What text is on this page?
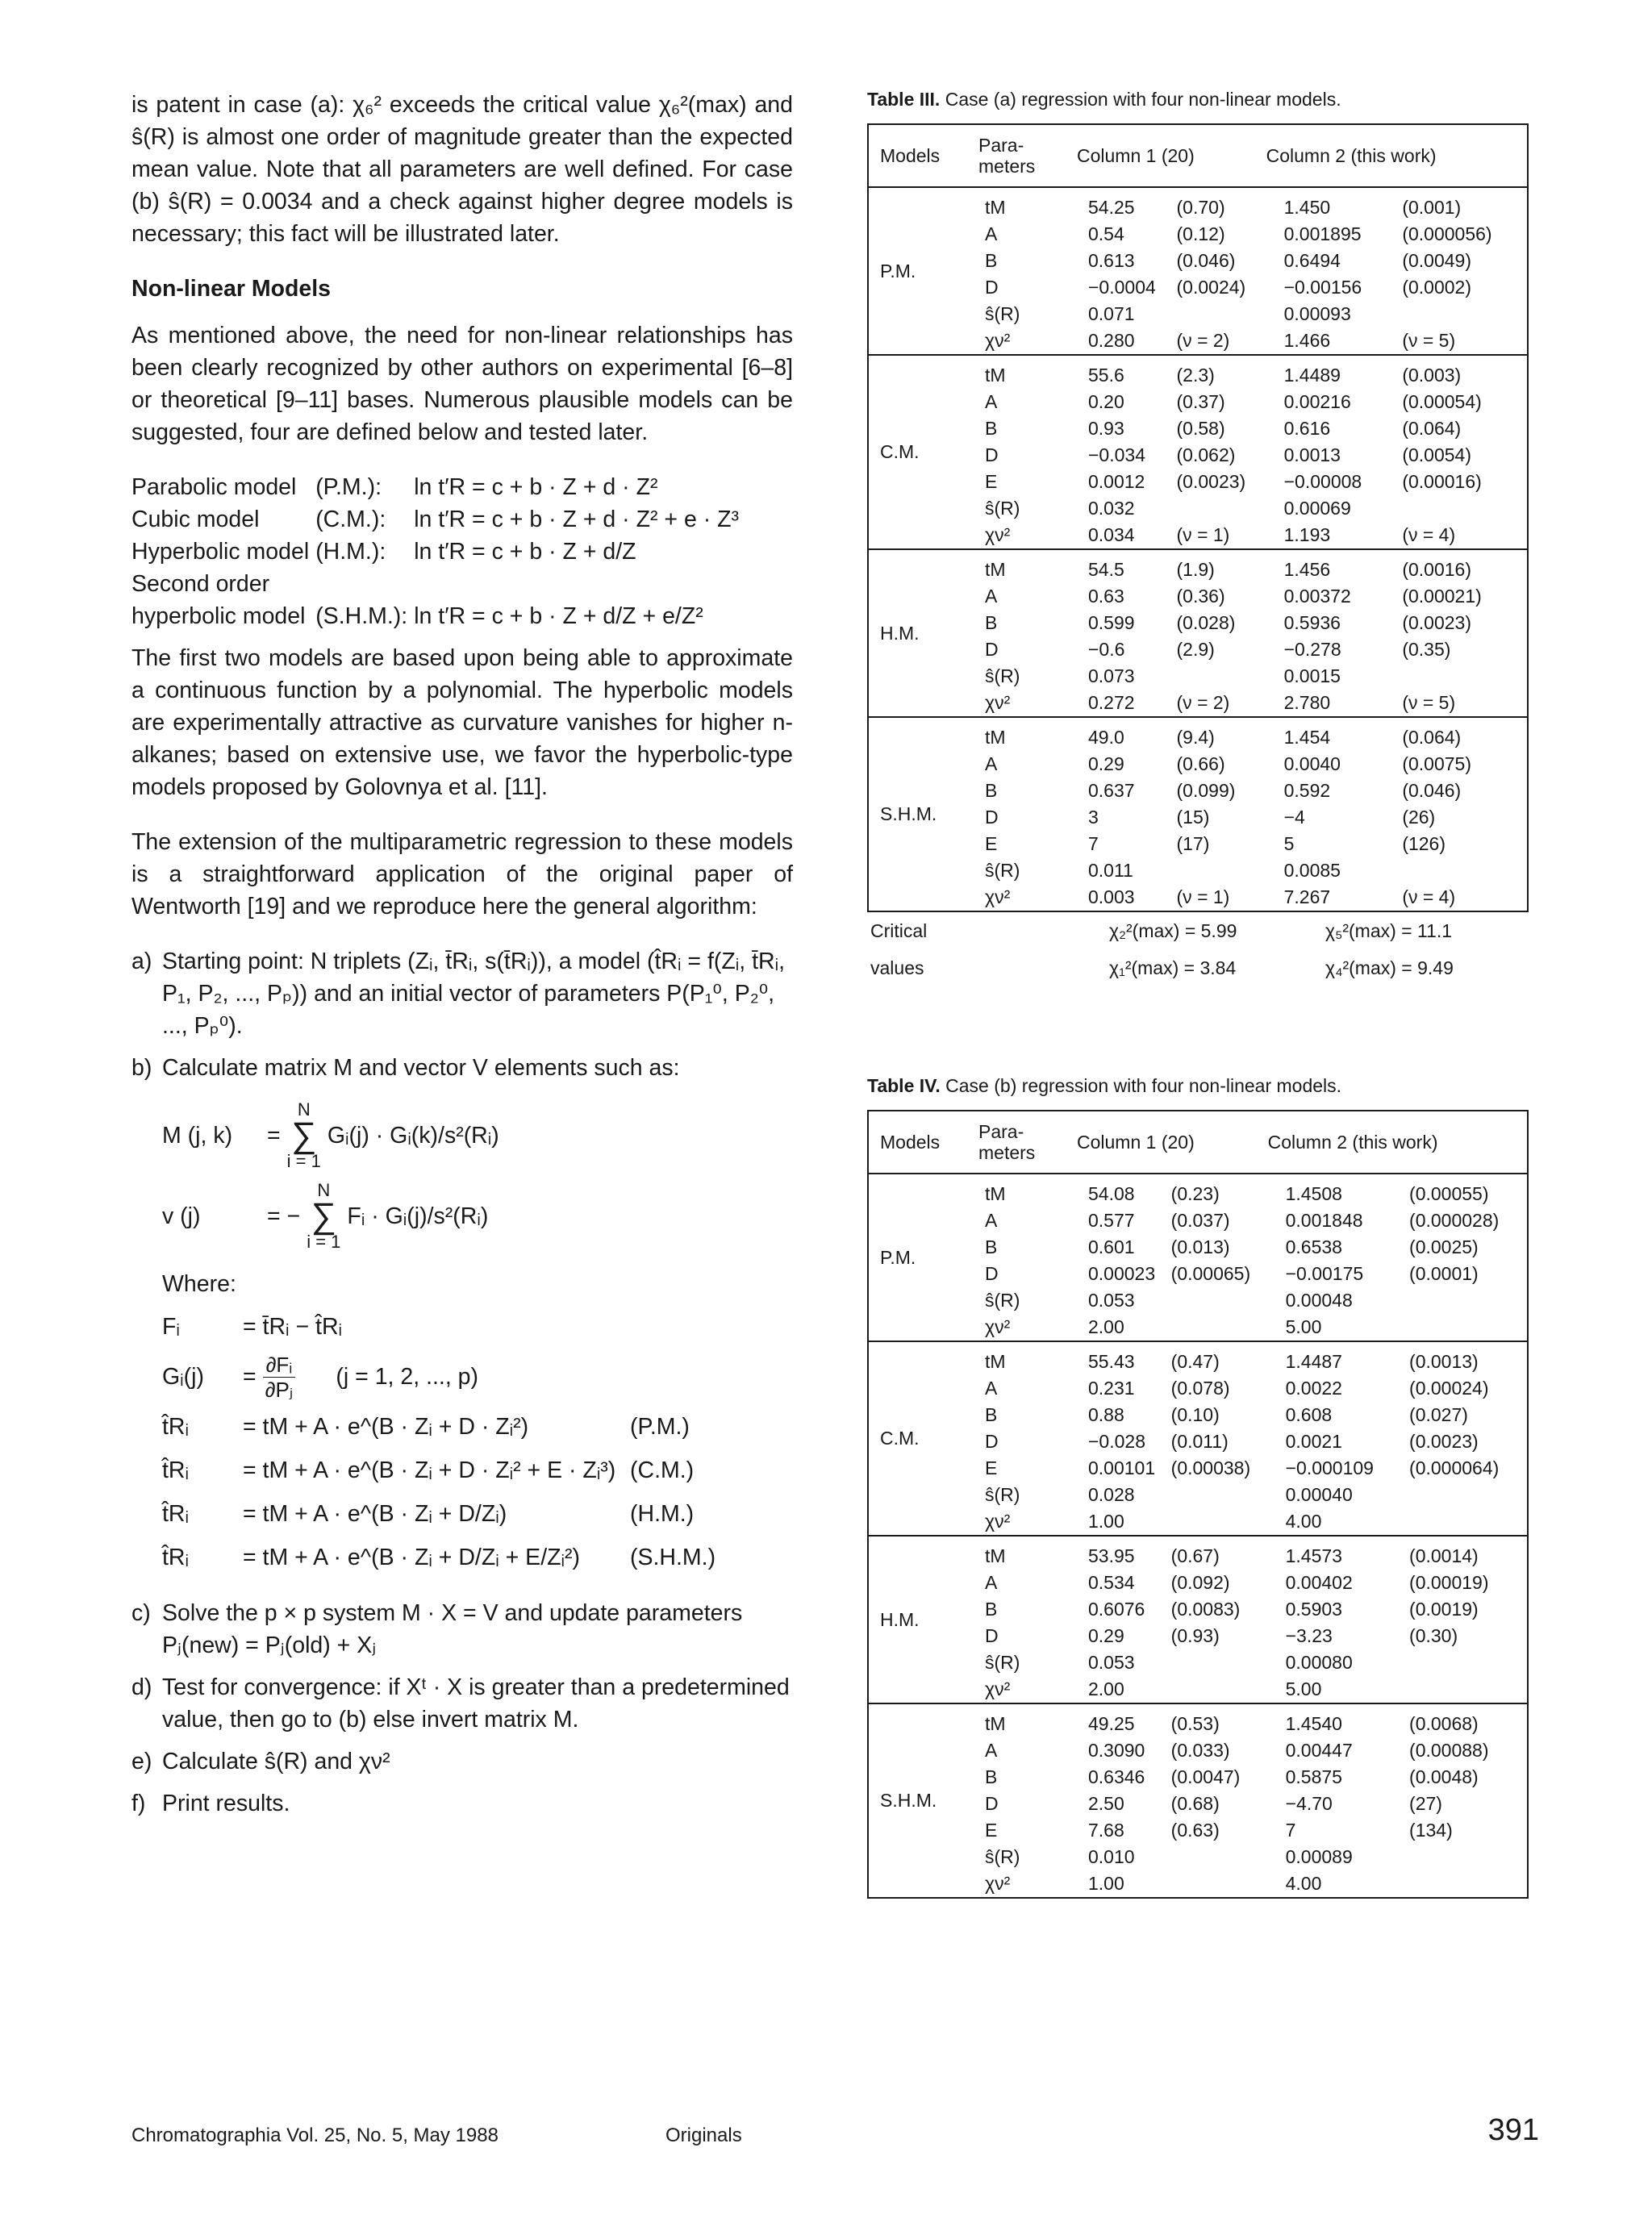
is patent in case (a): χ₆² exceeds the critical value χ₆²(max) and ŝ(R) is almost one order of magnitude greater than the expected mean value. Note that all parameters are well defined. For case (b) ŝ(R) = 0.0034 and a check against higher degree models is necessary; this fact will be illustrated later.

Non-linear Models

As mentioned above, the need for non-linear relationships has been clearly recognized by other authors on experimental [6–8] or theoretical [9–11] bases. Numerous plausible models can be suggested, four are defined below and tested later.

Parabolic model	(P.M.):	ln t′R = c + b · Z + d · Z²
Cubic model	(C.M.):	ln t′R = c + b · Z + d · Z² + e · Z³
Hyperbolic model	(H.M.):	ln t′R = c + b · Z + d/Z
Second order		
hyperbolic model	(S.H.M.):	ln t′R = c + b · Z + d/Z + e/Z²

The first two models are based upon being able to approximate a continuous function by a polynomial. The hyperbolic models are experimentally attractive as curvature vanishes for higher n-alkanes; based on extensive use, we favor the hyperbolic-type models proposed by Golovnya et al. [11].

The extension of the multiparametric regression to these models is a straightforward application of the original paper of Wentworth [19] and we reproduce here the general algorithm:

a) Starting point: N triplets (Zᵢ, t̄Rᵢ, s(t̄Rᵢ)), a model (t̂Rᵢ = f(Zᵢ, t̄Rᵢ, P₁, P₂, ..., Pₚ)) and an initial vector of parameters P(P₁⁰, P₂⁰, ..., Pₚ⁰).
b) Calculate matrix M and vector V elements such as:
M (j, k)	=
N
∑
i = 1
Gᵢ(j) · Gᵢ(k)/s²(Rᵢ)
v (j)	= −
N
∑
i = 1
Fᵢ · Gᵢ(j)/s²(Rᵢ)
Where:
Fᵢ	= t̄Rᵢ − t̂Rᵢ
Gᵢ(j)	= $\frac{\text{∂Fᵢ}}{\text{∂Pⱼ}} (j = 1$, 2, ..., p)
t̂Rᵢ	= tM + A · e^(B · Zᵢ + D · Zᵢ²)	(P.M.)
t̂Rᵢ	= tM + A · e^(B · Zᵢ + D · Zᵢ² + E · Zᵢ³) (C.M.)
t̂Rᵢ	= tM + A · e^(B · Zᵢ + D/Zᵢ)	(H.M.)
t̂Rᵢ	= tM + A · e^(B · Zᵢ + D/Zᵢ + E/Zᵢ²)	(S.H.M.)
c) Solve the p × p system M · X = V and update parameters Pⱼ(new) = Pⱼ(old) + Xⱼ
d) Test for convergence: if Xᵗ · X is greater than a predetermined value, then go to (b) else invert matrix M.
e) Calculate ŝ(R) and χν²
f) Print results.
Table III. Case (a) regression with four non-linear models.
Models	Para-
meters	Column 1 (20)		Column 2 (this work)	
P.M.	tM	54.25	(0.70)	1.450	(0.001)
	A	0.54	(0.12)	0.001895	(0.000056)
	B	0.613	(0.046)	0.6494	(0.0049)
	D	−0.0004	(0.0024)	−0.00156	(0.0002)
	ŝ(R)	0.071		0.00093	
	χν²	0.280	(ν = 2)	1.466	(ν = 5)
C.M.	tM	55.6	(2.3)	1.4489	(0.003)
	A	0.20	(0.37)	0.00216	(0.00054)
	B	0.93	(0.58)	0.616	(0.064)
	D	−0.034	(0.062)	0.0013	(0.0054)
	E	0.0012	(0.0023)	−0.00008	(0.00016)
	ŝ(R)	0.032		0.00069	
	χν²	0.034	(ν = 1)	1.193	(ν = 4)
H.M.	tM	54.5	(1.9)	1.456	(0.0016)
	A	0.63	(0.36)	0.00372	(0.00021)
	B	0.599	(0.028)	0.5936	(0.0023)
	D	−0.6	(2.9)	−0.278	(0.35)
	ŝ(R)	0.073		0.0015	
	χν²	0.272	(ν = 2)	2.780	(ν = 5)
S.H.M.	tM	49.0	(9.4)	1.454	(0.064)
	A	0.29	(0.66)	0.0040	(0.0075)
	B	0.637	(0.099)	0.592	(0.046)
	D	3	(15)	−4	(26)
	E	7	(17)	5	(126)
	ŝ(R)	0.011		0.0085	
	χν²	0.003	(ν = 1)	7.267	(ν = 4)
Critical		χ₂²(max) = 5.99	χ₅²(max) = 11.1
values		χ₁²(max) = 3.84	χ₄²(max) = 9.49
Table IV. Case (b) regression with four non-linear models.
Models	Para-
meters	Column 1 (20)		Column 2 (this work)	
P.M.	tM	54.08	(0.23)	1.4508	(0.00055)
	A	0.577	(0.037)	0.001848	(0.000028)
	B	0.601	(0.013)	0.6538	(0.0025)
	D	0.00023	(0.00065)	−0.00175	(0.0001)
	ŝ(R)	0.053		0.00048	
	χν²	2.00		5.00	
C.M.	tM	55.43	(0.47)	1.4487	(0.0013)
	A	0.231	(0.078)	0.0022	(0.00024)
	B	0.88	(0.10)	0.608	(0.027)
	D	−0.028	(0.011)	0.0021	(0.0023)
	E	0.00101	(0.00038)	−0.000109	(0.000064)
	ŝ(R)	0.028		0.00040	
	χν²	1.00		4.00	
H.M.	tM	53.95	(0.67)	1.4573	(0.0014)
	A	0.534	(0.092)	0.00402	(0.00019)
	B	0.6076	(0.0083)	0.5903	(0.0019)
	D	0.29	(0.93)	−3.23	(0.30)
	ŝ(R)	0.053		0.00080	
	χν²	2.00		5.00	
S.H.M.	tM	49.25	(0.53)	1.4540	(0.0068)
	A	0.3090	(0.033)	0.00447	(0.00088)
	B	0.6346	(0.0047)	0.5875	(0.0048)
	D	2.50	(0.68)	−4.70	(27)
	E	7.68	(0.63)	7	(134)
	ŝ(R)	0.010		0.00089	
	χν²	1.00		4.00	
Chromatographia Vol. 25, No. 5, May 1988	Originals	391
